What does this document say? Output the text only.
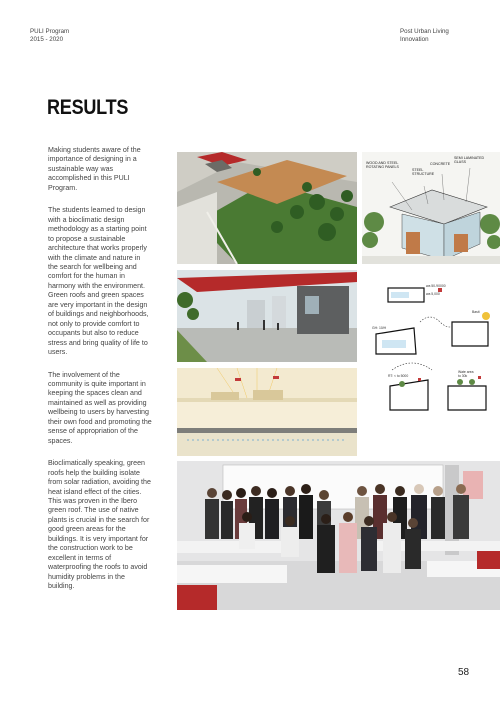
PULI Program
2015 - 2020
Post Urban Living
Innovation
RESULTS

Making students aware of the importance of designing in a sustainable way was accomplished in this PULI Program.

The students learned to design with a bioclimatic design methodology as a starting point to propose a sustainable architecture that works properly with the climate and nature in the search for wellbeing and comfort for the human in harmony with the environment. Green roofs and green spaces are very important in the design of buildings and neighborhoods, not only to provide comfort to occupants but also to reduce stress and bring quality of life to users.

The involvement of the community is quite important in keeping the spaces clean and maintained as well as providing wellbeing to users by harvesting their own food and promoting the sense of appropriation of the spaces.

Bioclimatically speaking, green roofs help the building isolate from solar radiation, avoiding the heat island effect of the cities. This was proven in the Ibero green roof. The use of native plants is crucial in the search for good green areas for the buildings. It is very important for the construction work to be excellent in terms of waterproofing the roofs to avoid humidity problems in the building.

WOOD AND STEEL
ROTATING PANELS
STEEL
STRUCTURE
CONCRETE
SEMI LAMINATED
GLASS
wa 50-90000
wa 5,000
GH: 10/H
Basit
RT: < to 5000
Wate area
to 30k
58
